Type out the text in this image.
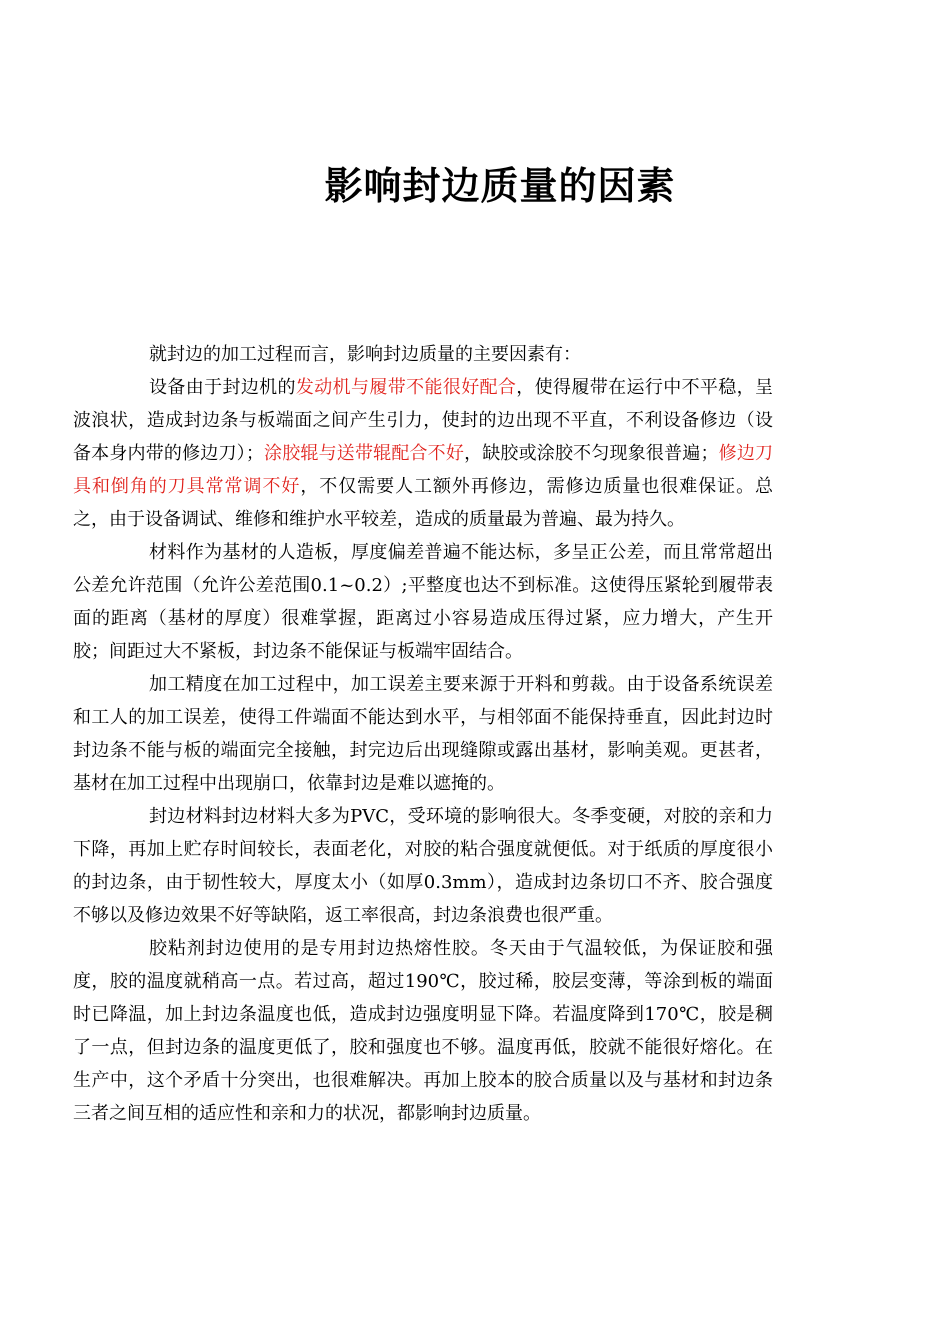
影响封边质量的因素

就封边的加工过程而言，影响封边质量的主要因素有：

设备由于封边机的发动机与履带不能很好配合，使得履带在运行中不平稳，呈波浪状，造成封边条与板端面之间产生引力，使封的边出现不平直，不利设备修边（设备本身内带的修边刀）；涂胶辊与送带辊配合不好，缺胶或涂胶不匀现象很普遍；修边刀具和倒角的刀具常常调不好，不仅需要人工额外再修边，需修边质量也很难保证。总之，由于设备调试、维修和维护水平较差，造成的质量最为普遍、最为持久。

材料作为基材的人造板，厚度偏差普遍不能达标，多呈正公差，而且常常超出公差允许范围（允许公差范围0.1~0.2）;平整度也达不到标准。这使得压紧轮到履带表面的距离（基材的厚度）很难掌握，距离过小容易造成压得过紧，应力增大，产生开胶；间距过大不紧板，封边条不能保证与板端牢固结合。

加工精度在加工过程中，加工误差主要来源于开料和剪裁。由于设备系统误差和工人的加工误差，使得工件端面不能达到水平，与相邻面不能保持垂直，因此封边时封边条不能与板的端面完全接触，封完边后出现缝隙或露出基材，影响美观。更甚者，基材在加工过程中出现崩口，依靠封边是难以遮掩的。

封边材料封边材料大多为PVC，受环境的影响很大。冬季变硬，对胶的亲和力下降，再加上贮存时间较长，表面老化，对胶的粘合强度就便低。对于纸质的厚度很小的封边条，由于韧性较大，厚度太小（如厚0.3mm），造成封边条切口不齐、胶合强度不够以及修边效果不好等缺陷，返工率很高，封边条浪费也很严重。

胶粘剂封边使用的是专用封边热熔性胶。冬天由于气温较低，为保证胶和强度，胶的温度就稍高一点。若过高，超过190℃，胶过稀，胶层变薄，等涂到板的端面时已降温，加上封边条温度也低，造成封边强度明显下降。若温度降到170℃，胶是稠了一点，但封边条的温度更低了，胶和强度也不够。温度再低，胶就不能很好熔化。在生产中，这个矛盾十分突出，也很难解决。再加上胶本的胶合质量以及与基材和封边条三者之间互相的适应性和亲和力的状况，都影响封边质量。
